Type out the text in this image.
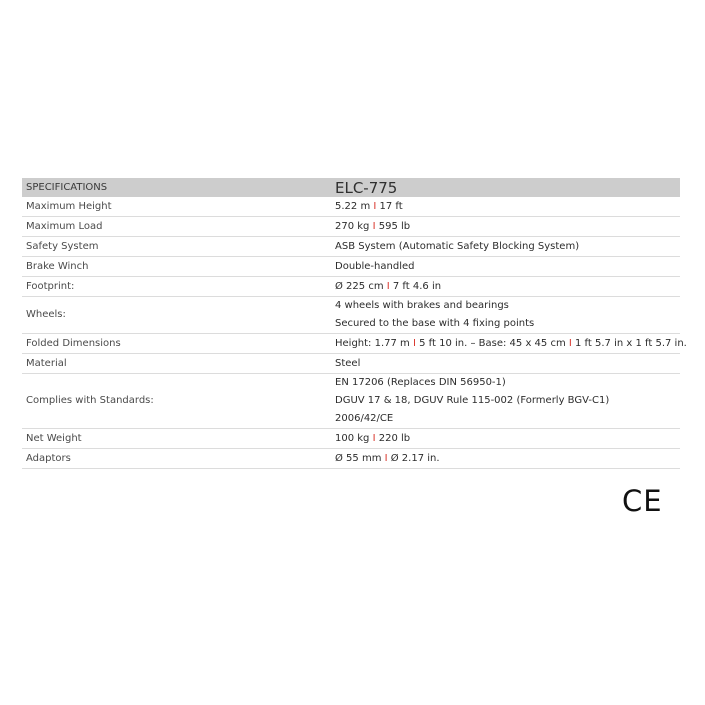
SPECIFICATIONS	ELC-775
Maximum Height	5.22 m I 17 ft

Maximum Load	270 kg I 595 lb

Safety System	ASB System (Automatic Safety Blocking System)

Brake Winch	Double-handled

Footprint:	Ø 225 cm I 7 ft 4.6 in

Wheels:	4 wheels with brakes and bearings
Secured to the base with 4 fixing points

Folded Dimensions	Height: 1.77 m I 5 ft 10 in. – Base: 45 x 45 cm I 1 ft 5.7 in x 1 ft 5.7 in.

Material	Steel

Complies with Standards:	EN 17206 (Replaces DIN 56950-1)
DGUV 17 & 18, DGUV Rule 115-002 (Formerly BGV-C1)
2006/42/CE

Net Weight	100 kg I 220 lb

Adaptors	Ø 55 mm I Ø 2.17 in.
CE
